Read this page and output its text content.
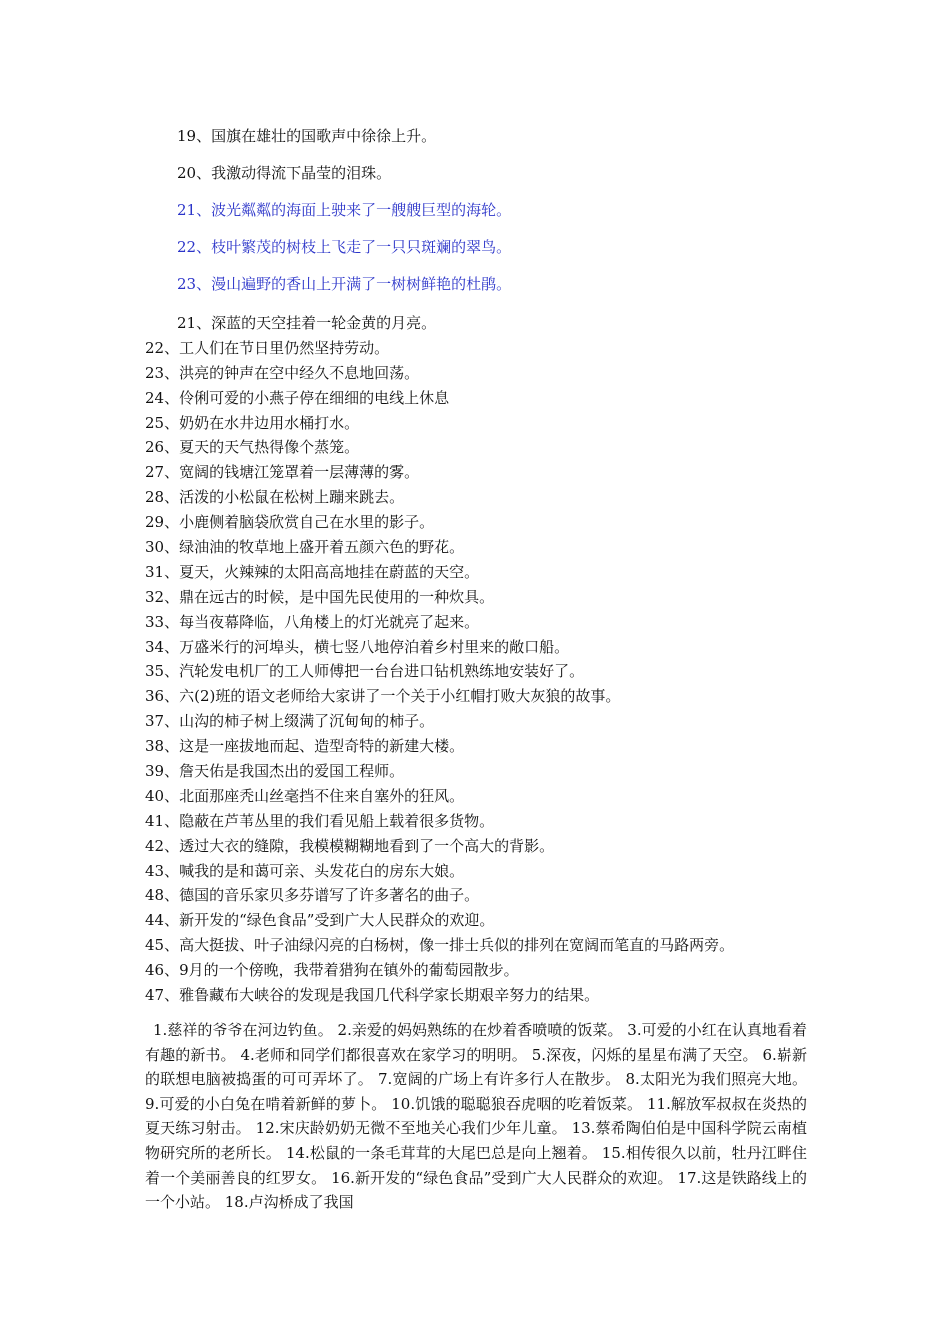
19、国旗在雄壮的国歌声中徐徐上升。
20、我激动得流下晶莹的泪珠。
21、波光粼粼的海面上驶来了一艘艘巨型的海轮。
22、枝叶繁茂的树枝上飞走了一只只斑斓的翠鸟。
23、漫山遍野的香山上开满了一树树鲜艳的杜鹃。
21、深蓝的天空挂着一轮金黄的月亮。
22、工人们在节日里仍然坚持劳动。
23、洪亮的钟声在空中经久不息地回荡。
24、伶俐可爱的小燕子停在细细的电线上休息
25、奶奶在水井边用水桶打水。
26、夏天的天气热得像个蒸笼。
27、宽阔的钱塘江笼罩着一层薄薄的雾。
28、活泼的小松鼠在松树上蹦来跳去。
29、小鹿侧着脑袋欣赏自己在水里的影子。
30、绿油油的牧草地上盛开着五颜六色的野花。
31、夏天，火辣辣的太阳高高地挂在蔚蓝的天空。
32、鼎在远古的时候，是中国先民使用的一种炊具。
33、每当夜幕降临，八角楼上的灯光就亮了起来。
34、万盛米行的河埠头，横七竖八地停泊着乡村里来的敞口船。
35、汽轮发电机厂的工人师傅把一台台进口钻机熟练地安装好了。
36、六(2)班的语文老师给大家讲了一个关于小红帽打败大灰狼的故事。
37、山沟的柿子树上缀满了沉甸甸的柿子。
38、这是一座拔地而起、造型奇特的新建大楼。
39、詹天佑是我国杰出的爱国工程师。
40、北面那座秃山丝毫挡不住来自塞外的狂风。
41、隐蔽在芦苇丛里的我们看见船上载着很多货物。
42、透过大衣的缝隙，我模模糊糊地看到了一个高大的背影。
43、喊我的是和蔼可亲、头发花白的房东大娘。
48、德国的音乐家贝多芬谱写了许多著名的曲子。
44、新开发的“绿色食品”受到广大人民群众的欢迎。
45、高大挺拔、叶子油绿闪亮的白杨树，像一排士兵似的排列在宽阔而笔直的马路两旁。
46、9月的一个傍晚，我带着猎狗在镇外的葡萄园散步。
47、雅鲁藏布大峡谷的发现是我国几代科学家长期艰辛努力的结果。
1.慈祥的爷爷在河边钓鱼。 2.亲爱的妈妈熟练的在炒着香喷喷的饭菜。 3.可爱的小红在认真地看着有趣的新书。 4.老师和同学们都很喜欢在家学习的明明。 5.深夜，闪烁的星星布满了天空。 6.崭新的联想电脑被捣蛋的可可弄坏了。 7.宽阔的广场上有许多行人在散步。 8.太阳光为我们照亮大地。 9.可爱的小白兔在啃着新鲜的萝卜。 10.饥饿的聪聪狼吞虎咽的吃着饭菜。 11.解放军叔叔在炎热的夏天练习射击。 12.宋庆龄奶奶无微不至地关心我们少年儿童。 13.蔡希陶伯伯是中国科学院云南植物研究所的老所长。 14.松鼠的一条毛茸茸的大尾巴总是向上翘着。 15.相传很久以前，牡丹江畔住着一个美丽善良的红罗女。 16.新开发的“绿色食品”受到广大人民群众的欢迎。 17.这是铁路线上的一个小站。 18.卢沟桥成了我国
